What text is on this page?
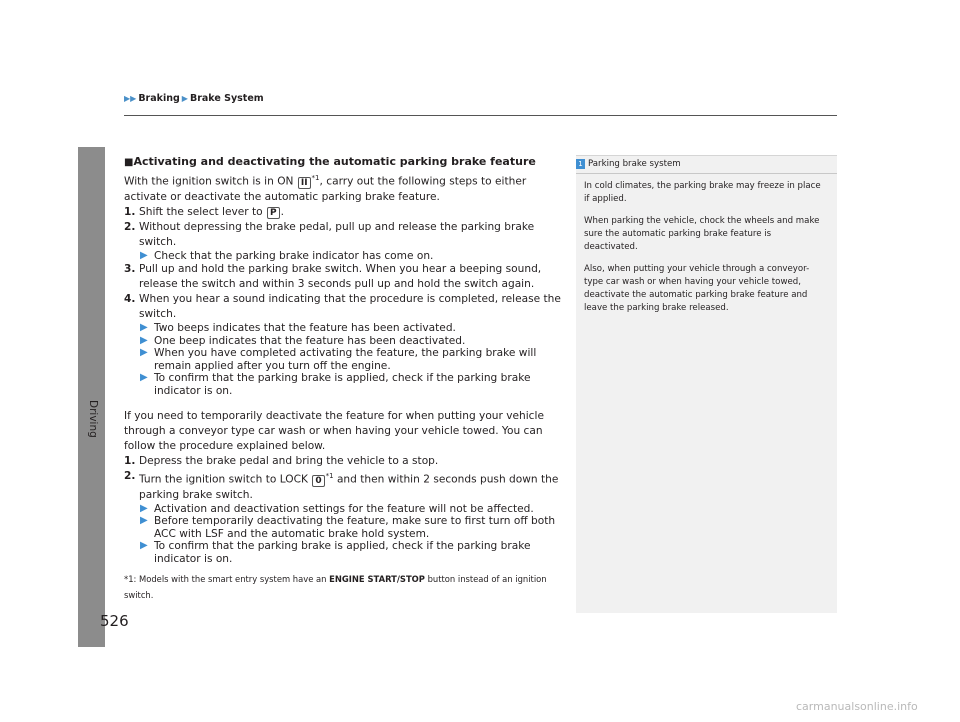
Driving
▶▶ Braking ▶ Brake System
■Activating and deactivating the automatic parking brake feature

With the ignition switch is in ON II $^{*1}$, carry out the following steps to either activate or deactivate the automatic parking brake feature.

1. Shift the select lever to P .
2. Without depressing the brake pedal, pull up and release the parking brake switch.
▶ Check that the parking brake indicator has come on.
3. Pull up and hold the parking brake switch. When you hear a beeping sound, release the switch and within 3 seconds pull up and hold the switch again.
4. When you hear a sound indicating that the procedure is completed, release the switch.
▶ Two beeps indicates that the feature has been activated.
▶ One beep indicates that the feature has been deactivated.
▶ When you have completed activating the feature, the parking brake will remain applied after you turn off the engine.
▶ To confirm that the parking brake is applied, check if the parking brake indicator is on.

If you need to temporarily deactivate the feature for when putting your vehicle through a conveyor type car wash or when having your vehicle towed. You can follow the procedure explained below.

1. Depress the brake pedal and bring the vehicle to a stop.
2. Turn the ignition switch to LOCK 0 $^{*1}$ and then within 2 seconds push down the parking brake switch.
▶ Activation and deactivation settings for the feature will not be affected.
▶ Before temporarily deactivating the feature, make sure to first turn off both ACC with LSF and the automatic brake hold system.
▶ To confirm that the parking brake is applied, check if the parking brake indicator is on.
*1: Models with the smart entry system have an ENGINE START/STOP button instead of an ignition switch.
1 Parking brake system

In cold climates, the parking brake may freeze in place if applied.

When parking the vehicle, chock the wheels and make sure the automatic parking brake feature is deactivated.

Also, when putting your vehicle through a conveyor-type car wash or when having your vehicle towed, deactivate the automatic parking brake feature and leave the parking brake released.

526
carmanualsonline.info
